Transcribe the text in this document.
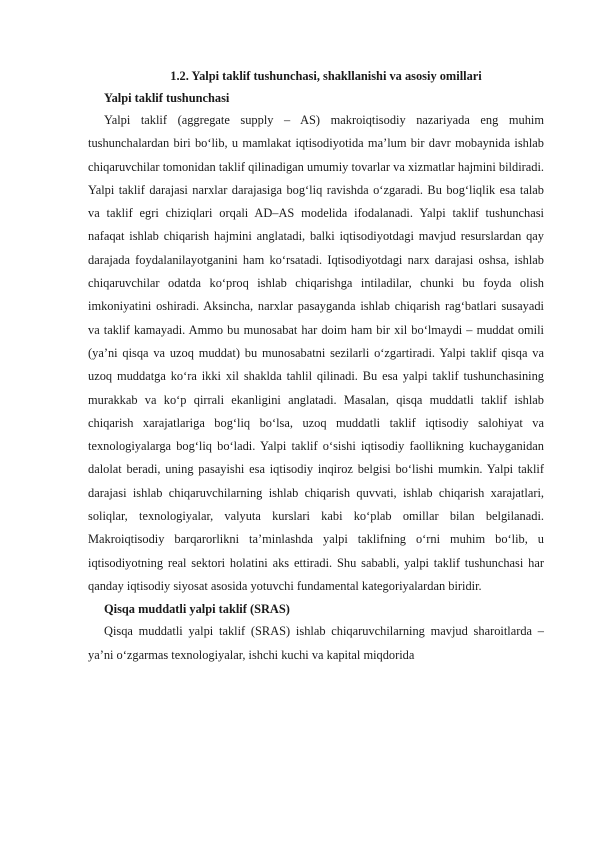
1.2. Yalpi taklif tushunchasi, shakllanishi va asosiy omillari
Yalpi taklif tushunchasi

Yalpi taklif (aggregate supply – AS) makroiqtisodiy nazariyada eng muhim tushunchalardan biri bo‘lib, u mamlakat iqtisodiyotida ma’lum bir davr mobaynida ishlab chiqaruvchilar tomonidan taklif qilinadigan umumiy tovarlar va xizmatlar hajmini bildiradi. Yalpi taklif darajasi narxlar darajasiga bog‘liq ravishda o‘zgaradi. Bu bog‘liqlik esa talab va taklif egri chiziqlari orqali AD–AS modelida ifodalanadi. Yalpi taklif tushunchasi nafaqat ishlab chiqarish hajmini anglatadi, balki iqtisodiyotdagi mavjud resurslardan qay darajada foydalanilayotganini ham ko‘rsatadi. Iqtisodiyotdagi narx darajasi oshsa, ishlab chiqaruvchilar odatda ko‘proq ishlab chiqarishga intiladilar, chunki bu foyda olish imkoniyatini oshiradi. Aksincha, narxlar pasayganda ishlab chiqarish rag‘batlari susayadi va taklif kamayadi. Ammo bu munosabat har doim ham bir xil bo‘lmaydi – muddat omili (ya’ni qisqa va uzoq muddat) bu munosabatni sezilarli o‘zgartiradi. Yalpi taklif qisqa va uzoq muddatga ko‘ra ikki xil shaklda tahlil qilinadi. Bu esa yalpi taklif tushunchasining murakkab va ko‘p qirrali ekanligini anglatadi. Masalan, qisqa muddatli taklif ishlab chiqarish xarajatlariga bog‘liq bo‘lsa, uzoq muddatli taklif iqtisodiy salohiyat va texnologiyalarga bog‘liq bo‘ladi. Yalpi taklif o‘sishi iqtisodiy faollikning kuchayganidan dalolat beradi, uning pasayishi esa iqtisodiy inqiroz belgisi bo‘lishi mumkin. Yalpi taklif darajasi ishlab chiqaruvchilarning ishlab chiqarish quvvati, ishlab chiqarish xarajatlari, soliqlar, texnologiyalar, valyuta kurslari kabi ko‘plab omillar bilan belgilanadi. Makroiqtisodiy barqarorlikni ta’minlashda yalpi taklifning o‘rni muhim bo‘lib, u iqtisodiyotning real sektori holatini aks ettiradi. Shu sababli, yalpi taklif tushunchasi har qanday iqtisodiy siyosat asosida yotuvchi fundamental kategoriyalardan biridir.

Qisqa muddatli yalpi taklif (SRAS)

Qisqa muddatli yalpi taklif (SRAS) ishlab chiqaruvchilarning mavjud sharoitlarda – ya’ni o‘zgarmas texnologiyalar, ishchi kuchi va kapital miqdorida
